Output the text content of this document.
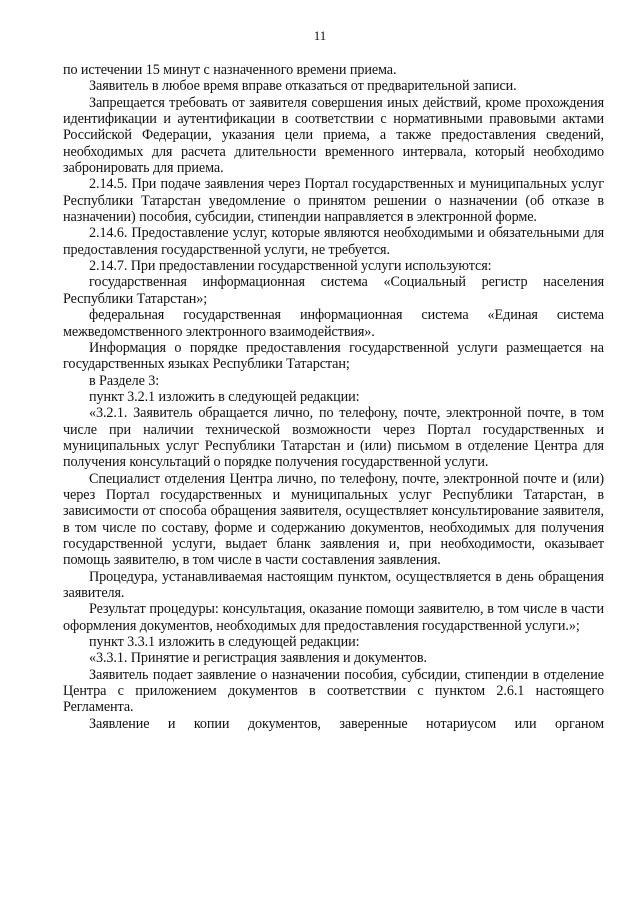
11

по истечении 15 минут с назначенного времени приема.

Заявитель в любое время вправе отказаться от предварительной записи.

Запрещается требовать от заявителя совершения иных действий, кроме прохождения идентификации и аутентификации в соответствии с нормативными правовыми актами Российской Федерации, указания цели приема, а также предоставления сведений, необходимых для расчета длительности временного интервала, который необходимо забронировать для приема.

2.14.5. При подаче заявления через Портал государственных и муниципальных услуг Республики Татарстан уведомление о принятом решении о назначении (об отказе в назначении) пособия, субсидии, стипендии направляется в электронной форме.

2.14.6. Предоставление услуг, которые являются необходимыми и обязательными для предоставления государственной услуги, не требуется.

2.14.7. При предоставлении государственной услуги используются:

государственная информационная система «Социальный регистр населения Республики Татарстан»;

федеральная государственная информационная система «Единая система межведомственного электронного взаимодействия».

Информация о порядке предоставления государственной услуги размещается на государственных языках Республики Татарстан;

в Разделе 3:

пункт 3.2.1 изложить в следующей редакции:

«3.2.1. Заявитель обращается лично, по телефону, почте, электронной почте, в том числе при наличии технической возможности через Портал государственных и муниципальных услуг Республики Татарстан и (или) письмом в отделение Центра для получения консультаций о порядке получения государственной услуги.

Специалист отделения Центра лично, по телефону, почте, электронной почте и (или) через Портал государственных и муниципальных услуг Республики Татарстан, в зависимости от способа обращения заявителя, осуществляет консультирование заявителя, в том числе по составу, форме и содержанию документов, необходимых для получения государственной услуги, выдает бланк заявления и, при необходимости, оказывает помощь заявителю, в том числе в части составления заявления.

Процедура, устанавливаемая настоящим пунктом, осуществляется в день обращения заявителя.

Результат процедуры: консультация, оказание помощи заявителю, в том числе в части оформления документов, необходимых для предоставления государственной услуги.»;

пункт 3.3.1 изложить в следующей редакции:

«3.3.1. Принятие и регистрация заявления и документов.

Заявитель подает заявление о назначении пособия, субсидии, стипендии в отделение Центра с приложением документов в соответствии с пунктом 2.6.1 настоящего Регламента.

Заявление и копии документов, заверенные нотариусом или органом
